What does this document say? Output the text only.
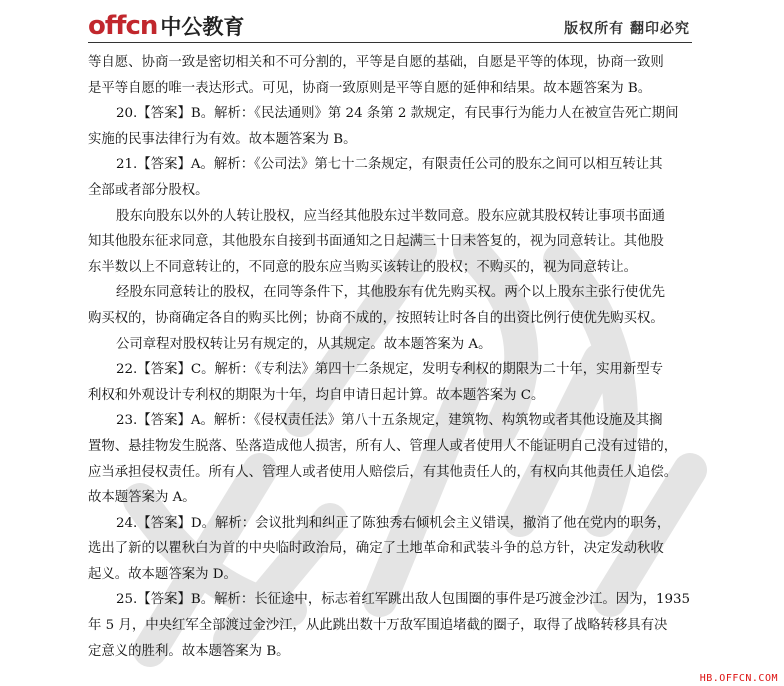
offcn 中公教育	版权所有 翻印必究
等自愿、协商一致是密切相关和不可分割的，平等是自愿的基础，自愿是平等的体现，协商一致则
是平等自愿的唯一表达形式。可见，协商一致原则是平等自愿的延伸和结果。故本题答案为 B。
20.【答案】B。解析：《民法通则》第 24 条第 2 款规定，有民事行为能力人在被宣告死亡期间
实施的民事法律行为有效。故本题答案为 B。
21.【答案】A。解析：《公司法》第七十二条规定，有限责任公司的股东之间可以相互转让其
全部或者部分股权。
股东向股东以外的人转让股权，应当经其他股东过半数同意。股东应就其股权转让事项书面通
知其他股东征求同意，其他股东自接到书面通知之日起满三十日未答复的，视为同意转让。其他股
东半数以上不同意转让的，不同意的股东应当购买该转让的股权；不购买的，视为同意转让。
经股东同意转让的股权，在同等条件下，其他股东有优先购买权。两个以上股东主张行使优先
购买权的，协商确定各自的购买比例；协商不成的，按照转让时各自的出资比例行使优先购买权。
公司章程对股权转让另有规定的，从其规定。故本题答案为 A。
22.【答案】C。解析：《专利法》第四十二条规定，发明专利权的期限为二十年，实用新型专
利权和外观设计专利权的期限为十年，均自申请日起计算。故本题答案为 C。
23.【答案】A。解析：《侵权责任法》第八十五条规定，建筑物、构筑物或者其他设施及其搁
置物、悬挂物发生脱落、坠落造成他人损害，所有人、管理人或者使用人不能证明自己没有过错的，
应当承担侵权责任。所有人、管理人或者使用人赔偿后，有其他责任人的，有权向其他责任人追偿。
故本题答案为 A。
24.【答案】D。解析：会议批判和纠正了陈独秀右倾机会主义错误，撤消了他在党内的职务，
选出了新的以瞿秋白为首的中央临时政治局，确定了土地革命和武装斗争的总方针，决定发动秋收
起义。故本题答案为 D。
25.【答案】B。解析：长征途中，标志着红军跳出敌人包围圈的事件是巧渡金沙江。因为，1935
年 5 月，中央红军全部渡过金沙江，从此跳出数十万敌军围追堵截的圈子，取得了战略转移具有决
定意义的胜利。故本题答案为 B。
HB.OFFCN.COM
